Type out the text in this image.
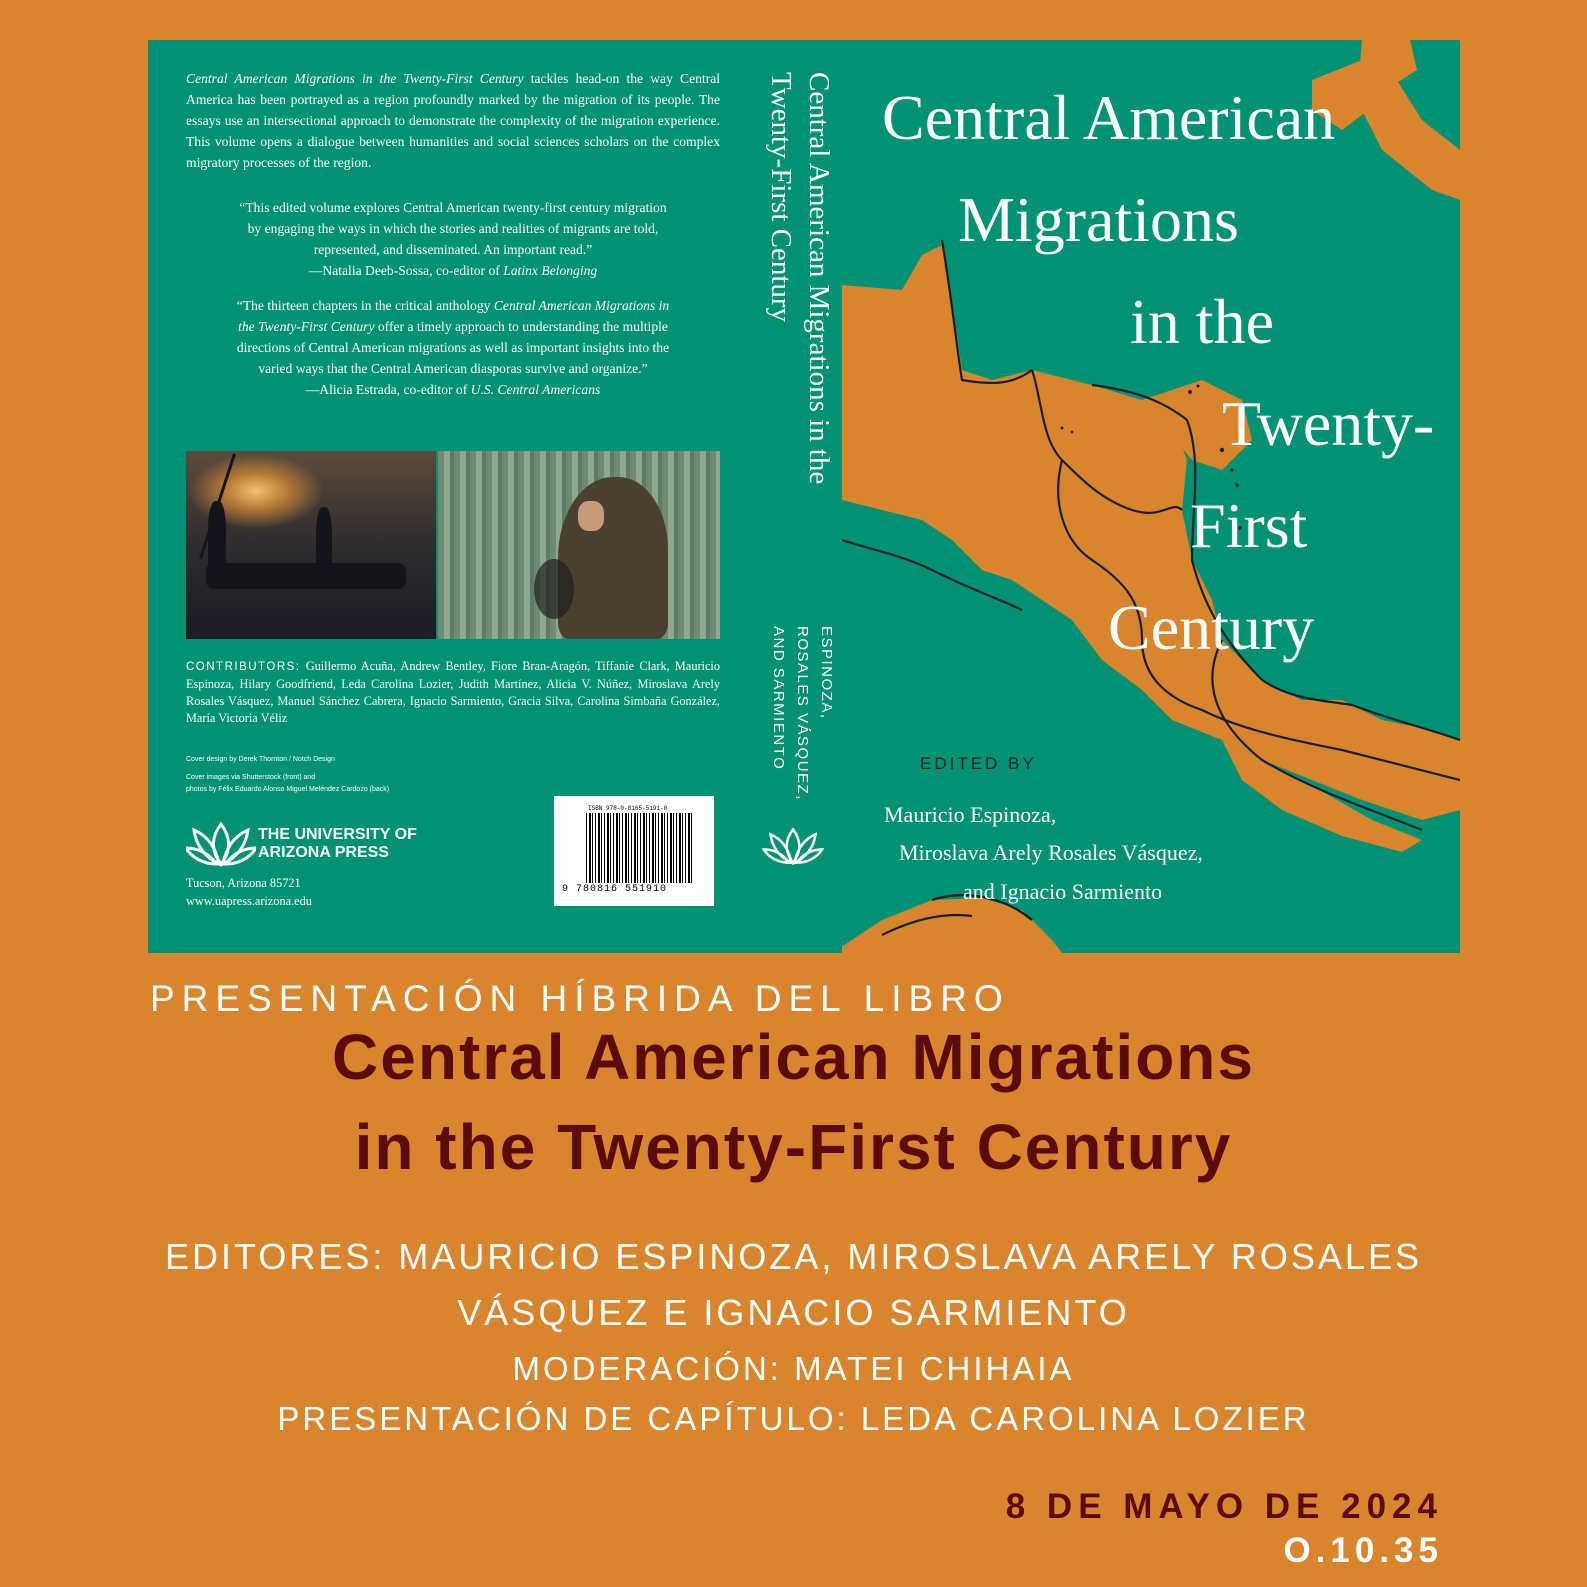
Central American Migrations in the Twenty-First Century tackles head-on the way Central America has been portrayed as a region profoundly marked by the migration of its people. The essays use an intersectional approach to demonstrate the complexity of the migration experience. This volume opens a dialogue between humanities and social sciences scholars on the complex migratory processes of the region.

“This edited volume explores Central American twenty-first century migration by engaging the ways in which the stories and realities of migrants are told, represented, and disseminated. An important read.”
—Natalia Deeb-Sossa, co-editor of Latinx Belonging

“The thirteen chapters in the critical anthology Central American Migrations in the Twenty-First Century offer a timely approach to understanding the multiple directions of Central American migrations as well as important insights into the varied ways that the Central American diasporas survive and organize.”
—Alicia Estrada, co-editor of U.S. Central Americans

CONTRIBUTORS: Guillermo Acuña, Andrew Bentley, Fiore Bran-Aragón, Tiffanie Clark, Mauricio Espinoza, Hilary Goodfriend, Leda Carolina Lozier, Judith Martínez, Alicia V. Núñez, Miroslava Arely Rosales Vásquez, Manuel Sánchez Cabrera, Ignacio Sarmiento, Gracia Silva, Carolina Simbaña González, María Victoria Véliz

Cover design by Derek Thornton / Notch Design

Cover images via Shutterstock (front) and
photos by Félix Eduardo Alonso Miguel Meléndez Cardozo (back)

THE UNIVERSITY OF
ARIZONA PRESS
Tucson, Arizona 85721
www.uapress.arizona.edu
ISBN 978-0-8165-5191-0
9 780816 551910
Central American Migrations in the Twenty-First Century
ESPINOZA,
ROSALES VÁSQUEZ,
AND SARMIENTO
Central American
Migrations
in the
Twenty-
First
Century
EDITED BY
Mauricio Espinoza,
Miroslava Arely Rosales Vásquez,
and Ignacio Sarmiento
PRESENTACIÓN HÍBRIDA DEL LIBRO
Central American Migrations
in the Twenty-First Century
EDITORES: MAURICIO ESPINOZA, MIROSLAVA ARELY ROSALES
VÁSQUEZ E IGNACIO SARMIENTO
MODERACIÓN: MATEI CHIHAIA
PRESENTACIÓN DE CAPÍTULO: LEDA CAROLINA LOZIER
8 DE MAYO DE 2024
O.10.35
